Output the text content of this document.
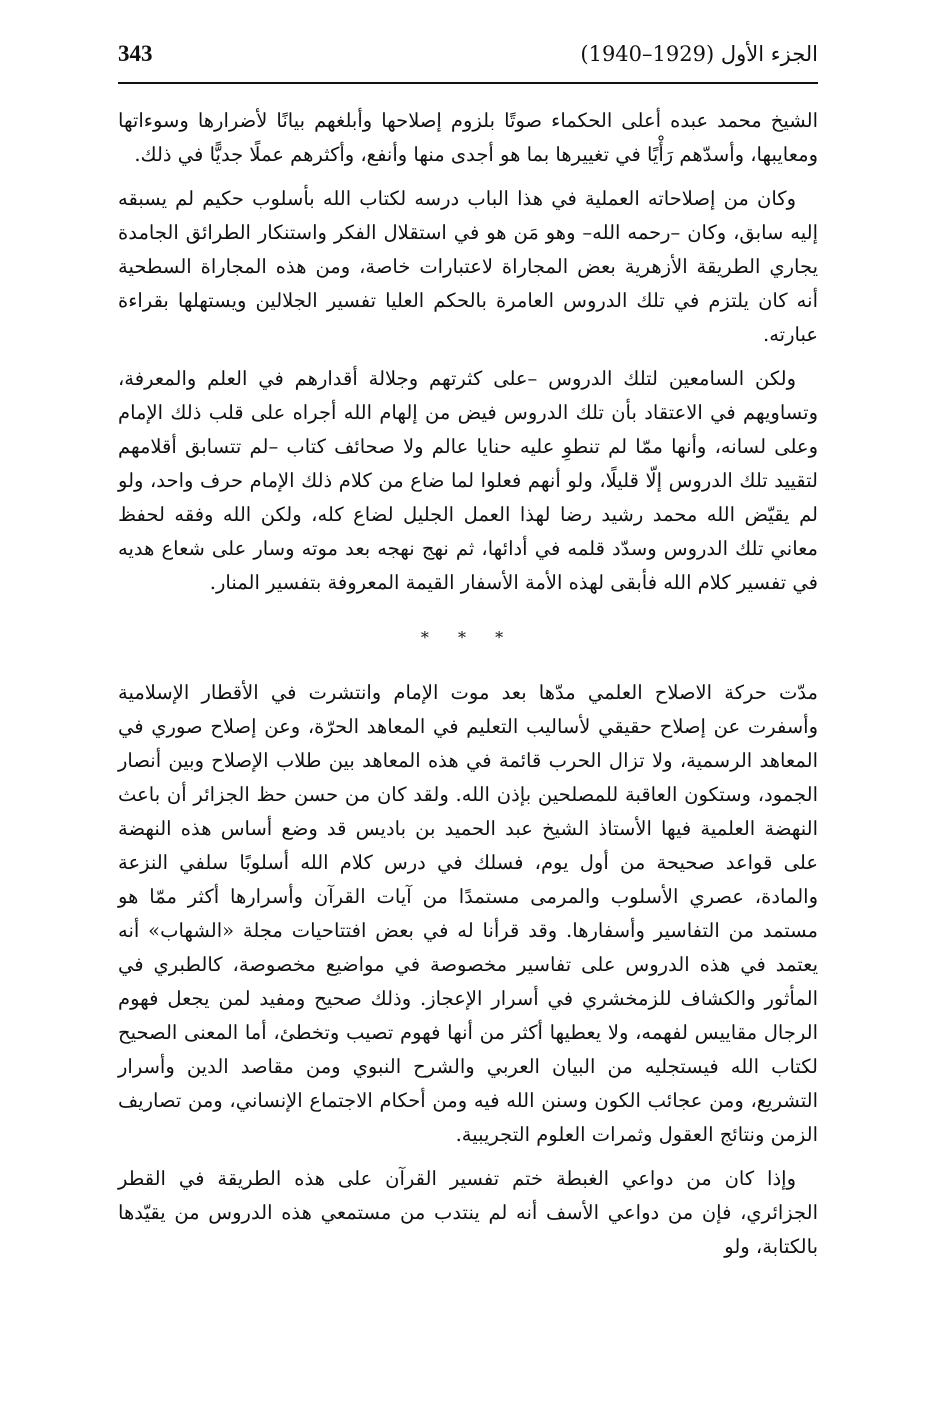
343	الجزء الأول (1929–1940)

الشيخ محمد عبده أعلى الحكماء صوتًا بلزوم إصلاحها وأبلغهم بيانًا لأضرارها وسوءاتها ومعايبها، وأسدّهم رَأْيًا في تغييرها بما هو أجدى منها وأنفع، وأكثرهم عملًا جديًّا في ذلك.

وكان من إصلاحاته العملية في هذا الباب درسه لكتاب الله بأسلوب حكيم لم يسبقه إليه سابق، وكان –رحمه الله– وهو مَن هو في استقلال الفكر واستنكار الطرائق الجامدة يجاري الطريقة الأزهرية بعض المجاراة لاعتبارات خاصة، ومن هذه المجاراة السطحية أنه كان يلتزم في تلك الدروس العامرة بالحكم العليا تفسير الجلالين ويستهلها بقراءة عبارته.

ولكن السامعين لتلك الدروس –على كثرتهم وجلالة أقدارهم في العلم والمعرفة، وتساويهم في الاعتقاد بأن تلك الدروس فيض من إلهام الله أجراه على قلب ذلك الإمام وعلى لسانه، وأنها ممّا لم تنطوِ عليه حنايا عالم ولا صحائف كتاب –لم تتسابق أقلامهم لتقييد تلك الدروس إلّا قليلًا، ولو أنهم فعلوا لما ضاع من كلام ذلك الإمام حرف واحد، ولو لم يقيّض الله محمد رشيد رضا لهذا العمل الجليل لضاع كله، ولكن الله وفقه لحفظ معاني تلك الدروس وسدّد قلمه في أدائها، ثم نهج نهجه بعد موته وسار على شعاع هديه في تفسير كلام الله فأبقى لهذه الأمة الأسفار القيمة المعروفة بتفسير المنار.

* * *

مدّت حركة الاصلاح العلمي مدّها بعد موت الإمام وانتشرت في الأقطار الإسلامية وأسفرت عن إصلاح حقيقي لأساليب التعليم في المعاهد الحرّة، وعن إصلاح صوري في المعاهد الرسمية، ولا تزال الحرب قائمة في هذه المعاهد بين طلاب الإصلاح وبين أنصار الجمود، وستكون العاقبة للمصلحين بإذن الله. ولقد كان من حسن حظ الجزائر أن باعث النهضة العلمية فيها الأستاذ الشيخ عبد الحميد بن باديس قد وضع أساس هذه النهضة على قواعد صحيحة من أول يوم، فسلك في درس كلام الله أسلوبًا سلفي النزعة والمادة، عصري الأسلوب والمرمى مستمدًا من آيات القرآن وأسرارها أكثر ممّا هو مستمد من التفاسير وأسفارها. وقد قرأنا له في بعض افتتاحيات مجلة «الشهاب» أنه يعتمد في هذه الدروس على تفاسير مخصوصة في مواضيع مخصوصة، كالطبري في المأثور والكشاف للزمخشري في أسرار الإعجاز. وذلك صحيح ومفيد لمن يجعل فهوم الرجال مقاييس لفهمه، ولا يعطيها أكثر من أنها فهوم تصيب وتخطئ، أما المعنى الصحيح لكتاب الله فيستجليه من البيان العربي والشرح النبوي ومن مقاصد الدين وأسرار التشريع، ومن عجائب الكون وسنن الله فيه ومن أحكام الاجتماع الإنساني، ومن تصاريف الزمن ونتائج العقول وثمرات العلوم التجريبية.

وإذا كان من دواعي الغبطة ختم تفسير القرآن على هذه الطريقة في القطر الجزائري، فإن من دواعي الأسف أنه لم ينتدب من مستمعي هذه الدروس من يقيّدها بالكتابة، ولو
